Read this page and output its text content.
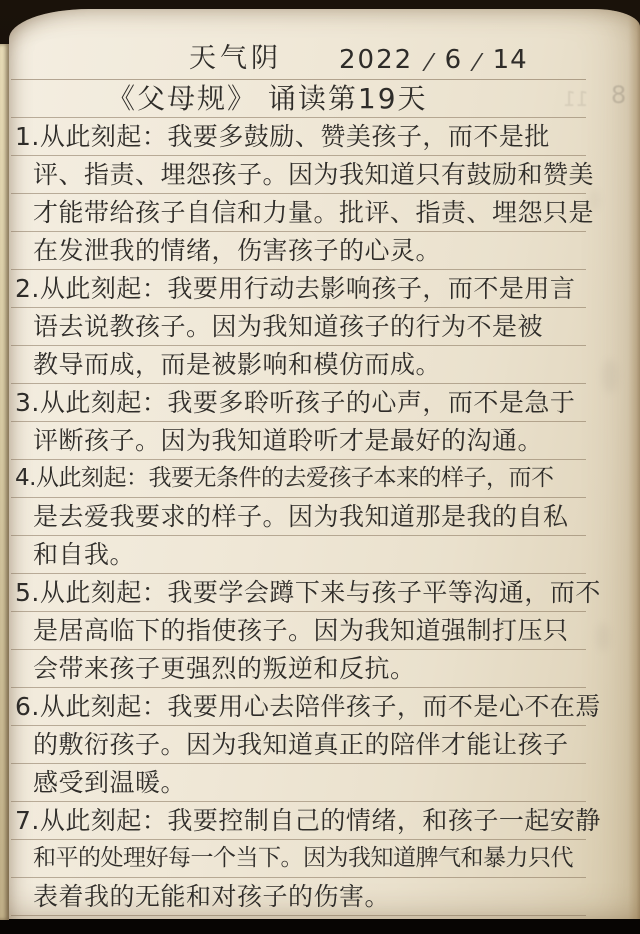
天气阴 2022 / 6 / 14
《父母规》 诵读第19天
1.从此刻起：我要多鼓励、赞美孩子，而不是批
评、指责、埋怨孩子。因为我知道只有鼓励和赞美
才能带给孩子自信和力量。批评、指责、埋怨只是
在发泄我的情绪，伤害孩子的心灵。
2.从此刻起：我要用行动去影响孩子，而不是用言
语去说教孩子。因为我知道孩子的行为不是被
教导而成，而是被影响和模仿而成。
3.从此刻起：我要多聆听孩子的心声，而不是急于
评断孩子。因为我知道聆听才是最好的沟通。
4.从此刻起：我要无条件的去爱孩子本来的样子，而不
是去爱我要求的样子。因为我知道那是我的自私
和自我。
5.从此刻起：我要学会蹲下来与孩子平等沟通，而不
是居高临下的指使孩子。因为我知道强制打压只
会带来孩子更强烈的叛逆和反抗。
6.从此刻起：我要用心去陪伴孩子，而不是心不在焉
的敷衍孩子。因为我知道真正的陪伴才能让孩子
感受到温暖。
7.从此刻起：我要控制自己的情绪，和孩子一起安静
和平的处理好每一个当下。因为我知道脾气和暴力只代
表着我的无能和对孩子的伤害。
8
11
